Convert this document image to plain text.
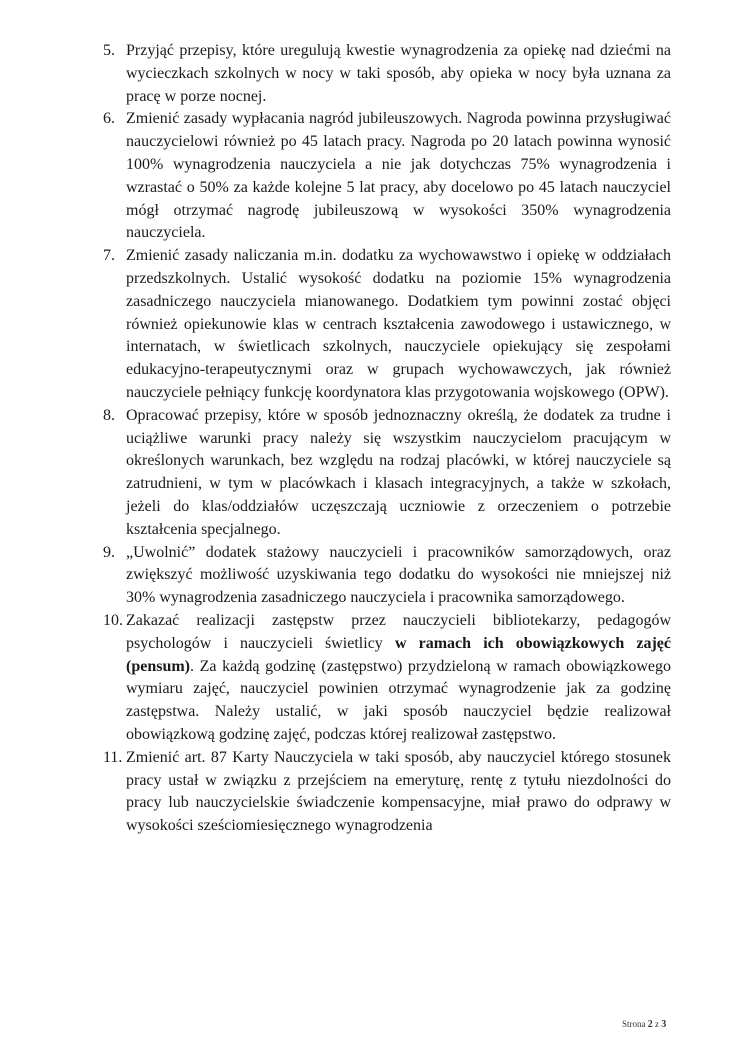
5. Przyjąć przepisy, które uregulują kwestie wynagrodzenia za opiekę nad dziećmi na wycieczkach szkolnych w nocy w taki sposób, aby opieka w nocy była uznana za pracę w porze nocnej.
6. Zmienić zasady wypłacania nagród jubileuszowych. Nagroda powinna przysługiwać nauczycielowi również po 45 latach pracy. Nagroda po 20 latach powinna wynosić 100% wynagrodzenia nauczyciela a nie jak dotychczas 75% wynagrodzenia i wzrastać o 50% za każde kolejne 5 lat pracy, aby docelowo po 45 latach nauczyciel mógł otrzymać nagrodę jubileuszową w wysokości 350% wynagrodzenia nauczyciela.
7. Zmienić zasady naliczania m.in. dodatku za wychowawstwo i opiekę w oddziałach przedszkolnych. Ustalić wysokość dodatku na poziomie 15% wynagrodzenia zasadniczego nauczyciela mianowanego. Dodatkiem tym powinni zostać objęci również opiekunowie klas w centrach kształcenia zawodowego i ustawicznego, w internatach, w świetlicach szkolnych, nauczyciele opiekujący się zespołami edukacyjno-terapeutycznymi oraz w grupach wychowawczych, jak również nauczyciele pełniący funkcję koordynatora klas przygotowania wojskowego (OPW).
8. Opracować przepisy, które w sposób jednoznaczny określą, że dodatek za trudne i uciążliwe warunki pracy należy się wszystkim nauczycielom pracującym w określonych warunkach, bez względu na rodzaj placówki, w której nauczyciele są zatrudnieni, w tym w placówkach i klasach integracyjnych, a także w szkołach, jeżeli do klas/oddziałów uczęszczają uczniowie z orzeczeniem o potrzebie kształcenia specjalnego.
9. „Uwolnić” dodatek stażowy nauczycieli i pracowników samorządowych, oraz zwiększyć możliwość uzyskiwania tego dodatku do wysokości nie mniejszej niż 30% wynagrodzenia zasadniczego nauczyciela i pracownika samorządowego.
10. Zakazać realizacji zastępstw przez nauczycieli bibliotekarzy, pedagogów psychologów i nauczycieli świetlicy w ramach ich obowiązkowych zajęć (pensum). Za każdą godzinę (zastępstwo) przydzieloną w ramach obowiązkowego wymiaru zajęć, nauczyciel powinien otrzymać wynagrodzenie jak za godzinę zastępstwa. Należy ustalić, w jaki sposób nauczyciel będzie realizował obowiązkową godzinę zajęć, podczas której realizował zastępstwo.
11. Zmienić art. 87 Karty Nauczyciela w taki sposób, aby nauczyciel którego stosunek pracy ustał w związku z przejściem na emeryturę, rentę z tytułu niezdolności do pracy lub nauczycielskie świadczenie kompensacyjne, miał prawo do odprawy w wysokości sześciomiesięcznego wynagrodzenia
Strona 2 z 3
